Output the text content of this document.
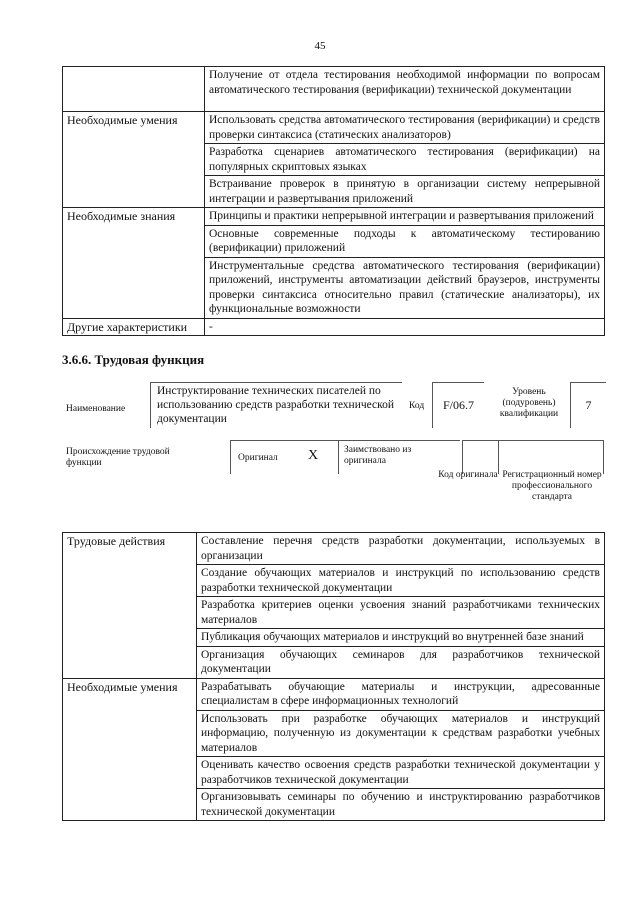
45
	Получение от отдела тестирования необходимой информации по вопросам автоматического тестирования (верификации) технической документации
Необходимые умения	Использовать средства автоматического тестирования (верификации) и средств проверки синтаксиса (статических анализаторов)
	Разработка сценариев автоматического тестирования (верификации) на популярных скриптовых языках
	Встраивание проверок в принятую в организации систему непрерывной интеграции и развертывания приложений
Необходимые знания	Принципы и практики непрерывной интеграции и развертывания приложений
	Основные современные подходы к автоматическому тестированию (верификации) приложений
	Инструментальные средства автоматического тестирования (верификации) приложений, инструменты автоматизации действий браузеров, инструменты проверки синтаксиса относительно правил (статические анализаторы), их функциональные возможности
Другие характеристики	-
3.6.6. Трудовая функция
Наименование
Инструктирование технических писателей по использованию средств разработки технической документации
Код	F/06.7
Уровень (подуровень) квалификации
7
Происхождение трудовой функции	Оригинал X	Заимствовано из оригинала
Код оригинала Регистрационный номер профессионального стандарта
Трудовые действия	Составление перечня средств разработки документации, используемых в организации
	Создание обучающих материалов и инструкций по использованию средств разработки технической документации
	Разработка критериев оценки усвоения знаний разработчиками технических материалов
	Публикация обучающих материалов и инструкций во внутренней базе знаний
	Организация обучающих семинаров для разработчиков технической документации
Необходимые умения	Разрабатывать обучающие материалы и инструкции, адресованные специалистам в сфере информационных технологий
	Использовать при разработке обучающих материалов и инструкций информацию, полученную из документации к средствам разработки учебных материалов
	Оценивать качество освоения средств разработки технической документации у разработчиков технической документации
	Организовывать семинары по обучению и инструктированию разработчиков технической документации
